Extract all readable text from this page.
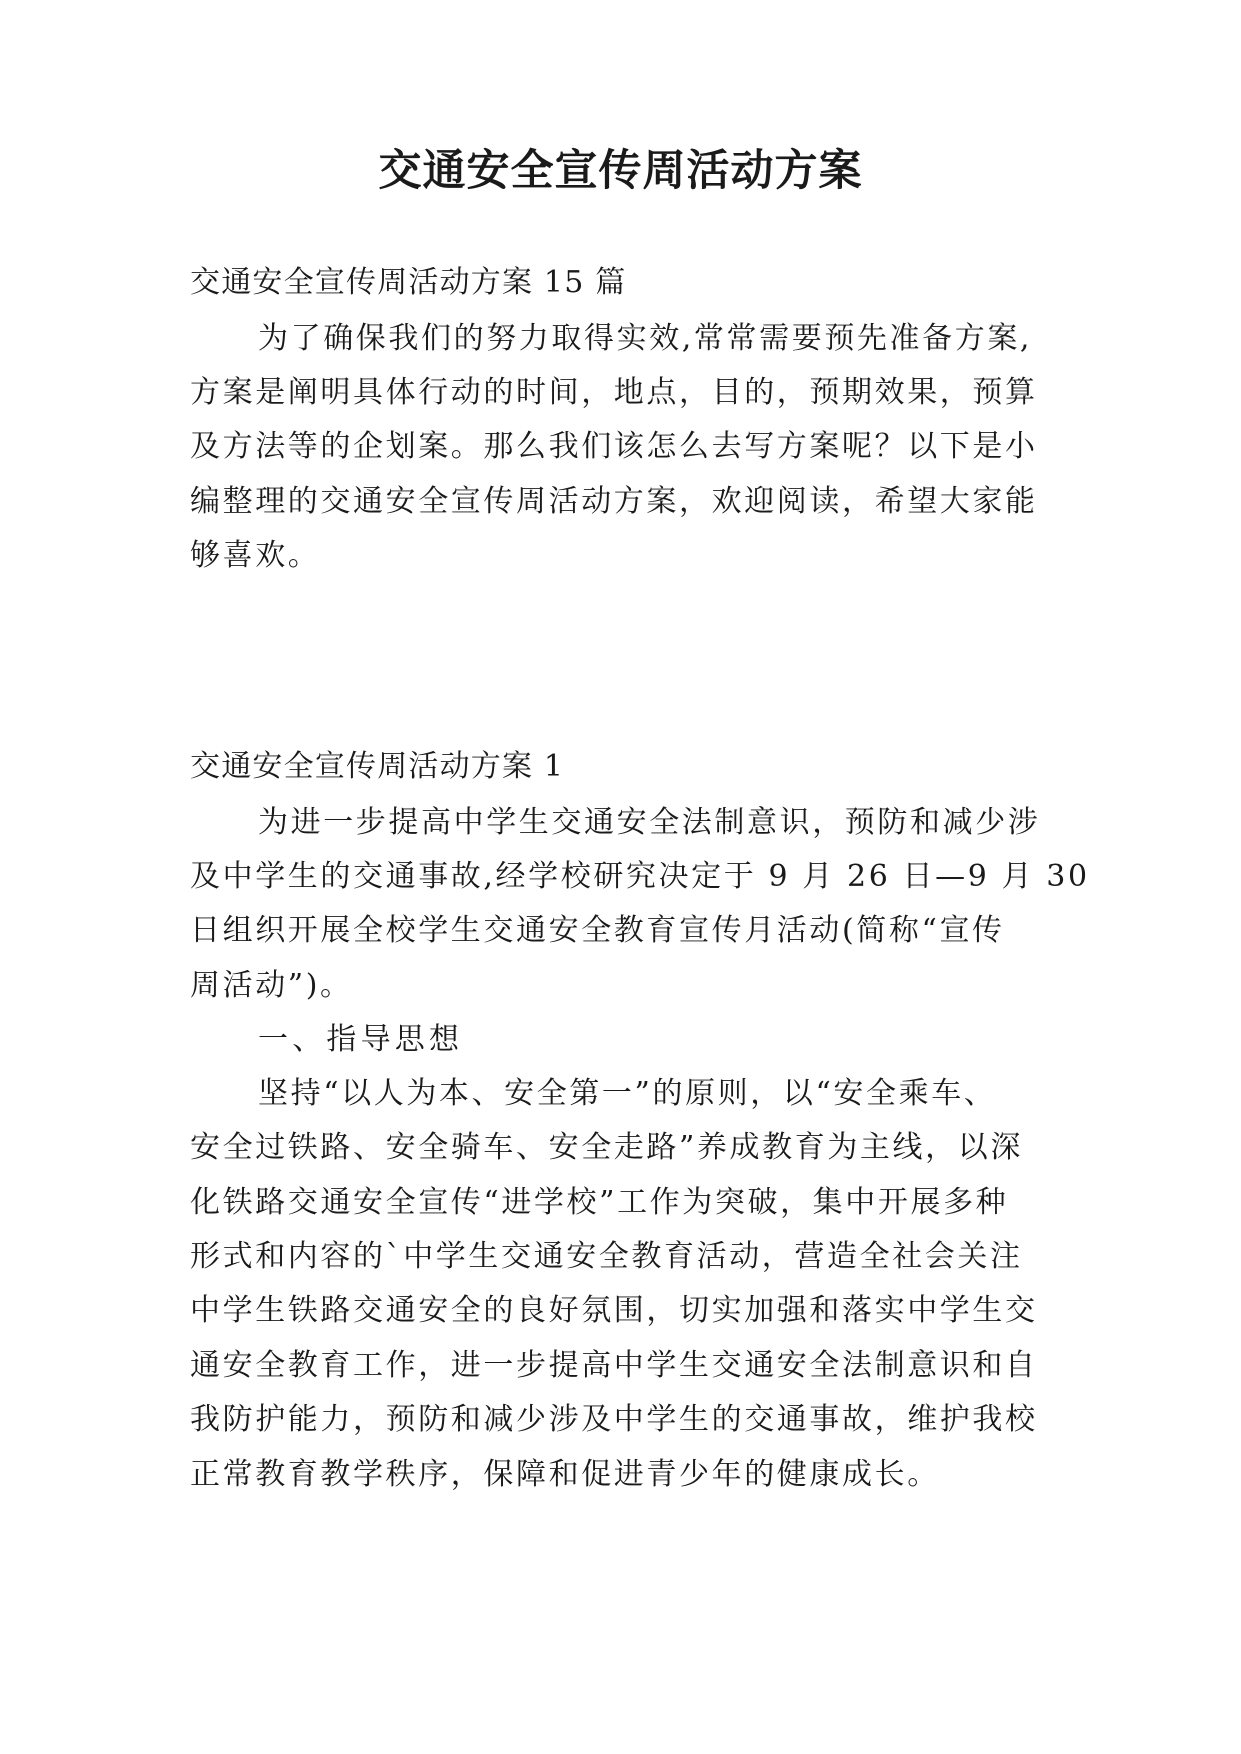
交通安全宣传周活动方案
交通安全宣传周活动方案 15 篇
为了确保我们的努力取得实效,常常需要预先准备方案,
方案是阐明具体行动的时间，地点，目的，预期效果，预算
及方法等的企划案。那么我们该怎么去写方案呢？以下是小
编整理的交通安全宣传周活动方案，欢迎阅读，希望大家能
够喜欢。
交通安全宣传周活动方案 1
为进一步提高中学生交通安全法制意识，预防和减少涉
及中学生的交通事故,经学校研究决定于 9 月 26 日—9 月 30
日组织开展全校学生交通安全教育宣传月活动(简称“宣传
周活动”)。
一、指导思想
坚持“以人为本、安全第一”的原则，以“安全乘车、
安全过铁路、安全骑车、安全走路”养成教育为主线，以深
化铁路交通安全宣传“进学校”工作为突破，集中开展多种
形式和内容的`中学生交通安全教育活动，营造全社会关注
中学生铁路交通安全的良好氛围，切实加强和落实中学生交
通安全教育工作，进一步提高中学生交通安全法制意识和自
我防护能力，预防和减少涉及中学生的交通事故，维护我校
正常教育教学秩序，保障和促进青少年的健康成长。
